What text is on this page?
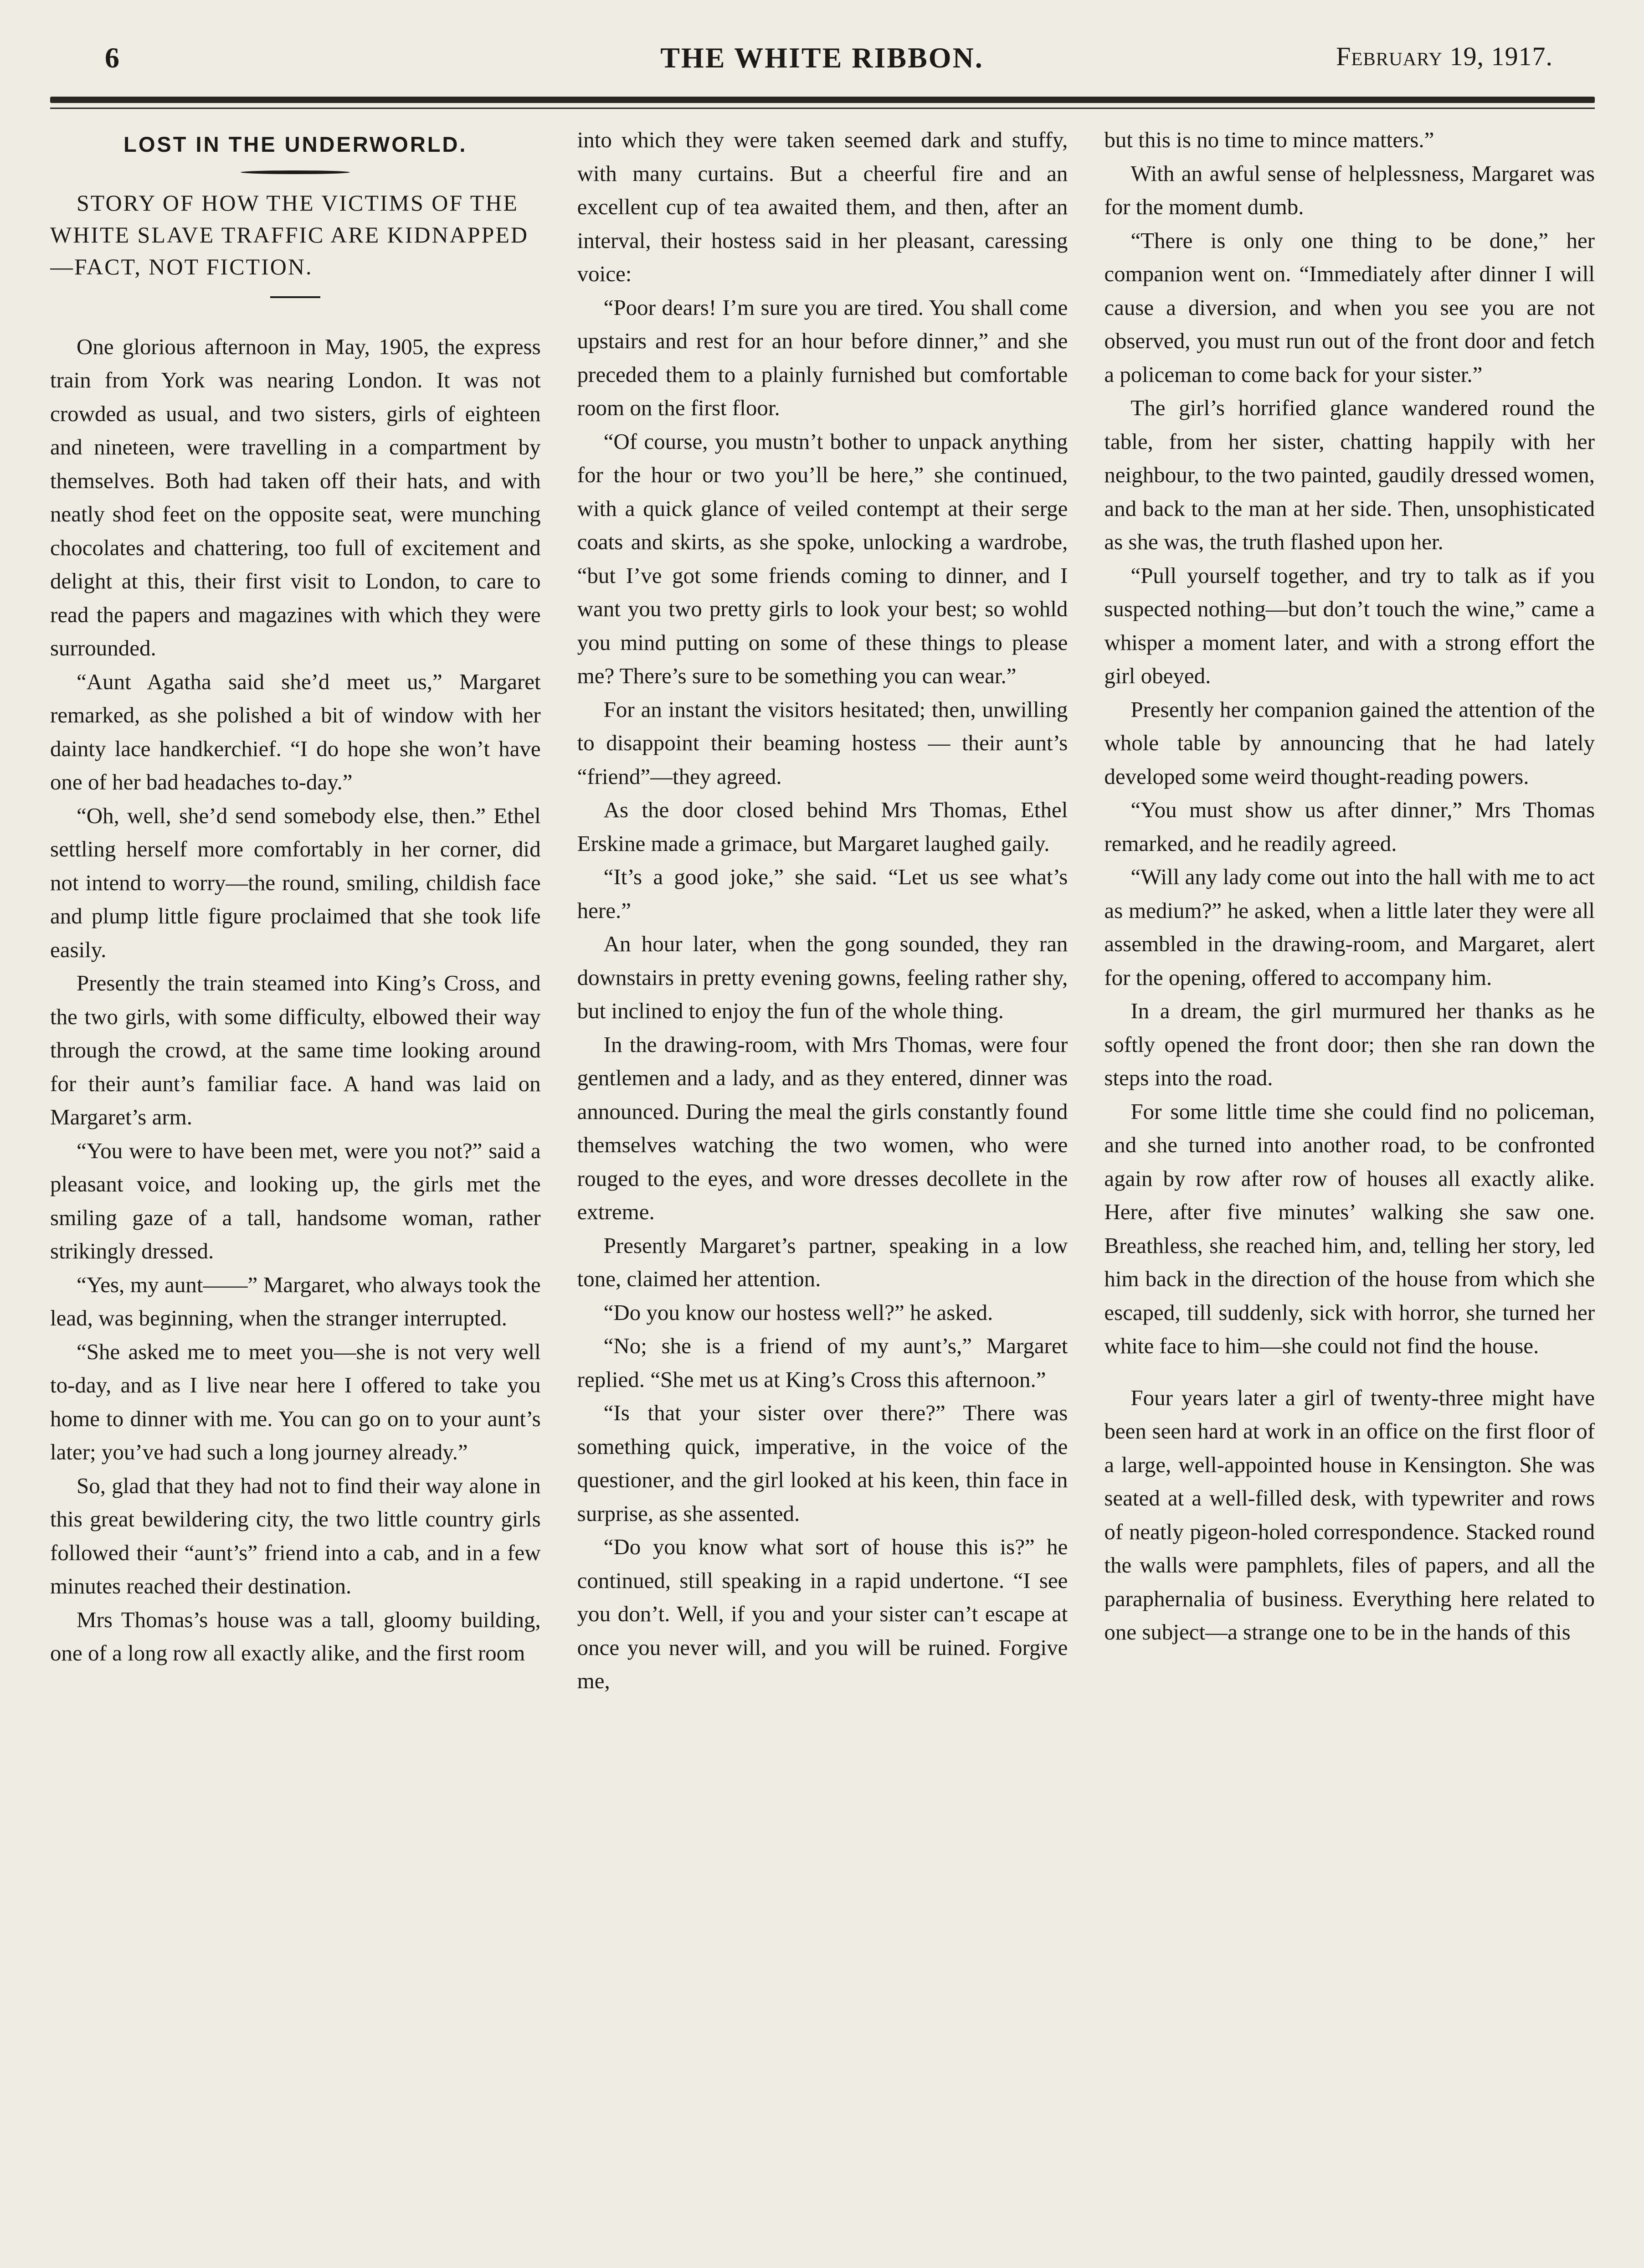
6	THE WHITE RIBBON.	February 19, 1917.
LOST IN THE UNDERWORLD.

STORY OF HOW THE VICTIMS OF THE WHITE SLAVE TRAFFIC ARE KIDNAPPED—FACT, NOT FICTION.

One glorious afternoon in May, 1905, the express train from York was nearing London. It was not crowded as usual, and two sisters, girls of eighteen and nineteen, were travelling in a compartment by themselves. Both had taken off their hats, and with neatly shod feet on the opposite seat, were munching chocolates and chattering, too full of excitement and delight at this, their first visit to London, to care to read the papers and magazines with which they were surrounded.

“Aunt Agatha said she’d meet us,” Margaret remarked, as she polished a bit of window with her dainty lace handkerchief. “I do hope she won’t have one of her bad headaches to-day.”

“Oh, well, she’d send somebody else, then.” Ethel settling herself more comfortably in her corner, did not intend to worry—the round, smiling, childish face and plump little figure proclaimed that she took life easily.

Presently the train steamed into King’s Cross, and the two girls, with some difficulty, elbowed their way through the crowd, at the same time looking around for their aunt’s familiar face. A hand was laid on Margaret’s arm.

“You were to have been met, were you not?” said a pleasant voice, and looking up, the girls met the smiling gaze of a tall, handsome woman, rather strikingly dressed.

“Yes, my aunt——” Margaret, who always took the lead, was beginning, when the stranger interrupted.

“She asked me to meet you—she is not very well to-day, and as I live near here I offered to take you home to dinner with me. You can go on to your aunt’s later; you’ve had such a long journey already.”

So, glad that they had not to find their way alone in this great bewildering city, the two little country girls followed their “aunt’s” friend into a cab, and in a few minutes reached their destination.

Mrs Thomas’s house was a tall, gloomy building, one of a long row all exactly alike, and the first room

into which they were taken seemed dark and stuffy, with many curtains. But a cheerful fire and an excellent cup of tea awaited them, and then, after an interval, their hostess said in her pleasant, caressing voice:

“Poor dears! I’m sure you are tired. You shall come upstairs and rest for an hour before dinner,” and she preceded them to a plainly furnished but comfortable room on the first floor.

“Of course, you mustn’t bother to unpack anything for the hour or two you’ll be here,” she continued, with a quick glance of veiled contempt at their serge coats and skirts, as she spoke, unlocking a wardrobe, “but I’ve got some friends coming to dinner, and I want you two pretty girls to look your best; so wohld you mind putting on some of these things to please me? There’s sure to be something you can wear.”

For an instant the visitors hesitated; then, unwilling to disappoint their beaming hostess — their aunt’s “friend”—they agreed.

As the door closed behind Mrs Thomas, Ethel Erskine made a grimace, but Margaret laughed gaily.

“It’s a good joke,” she said. “Let us see what’s here.”

An hour later, when the gong sounded, they ran downstairs in pretty evening gowns, feeling rather shy, but inclined to enjoy the fun of the whole thing.

In the drawing-room, with Mrs Thomas, were four gentlemen and a lady, and as they entered, dinner was announced. During the meal the girls constantly found themselves watching the two women, who were rouged to the eyes, and wore dresses decollete in the extreme.

Presently Margaret’s partner, speaking in a low tone, claimed her attention.

“Do you know our hostess well?” he asked.

“No; she is a friend of my aunt’s,” Margaret replied. “She met us at King’s Cross this afternoon.”

“Is that your sister over there?” There was something quick, imperative, in the voice of the questioner, and the girl looked at his keen, thin face in surprise, as she assented.

“Do you know what sort of house this is?” he continued, still speaking in a rapid undertone. “I see you don’t. Well, if you and your sister can’t escape at once you never will, and you will be ruined. Forgive me,

but this is no time to mince matters.”

With an awful sense of helplessness, Margaret was for the moment dumb.

“There is only one thing to be done,” her companion went on. “Immediately after dinner I will cause a diversion, and when you see you are not observed, you must run out of the front door and fetch a policeman to come back for your sister.”

The girl’s horrified glance wandered round the table, from her sister, chatting happily with her neighbour, to the two painted, gaudily dressed women, and back to the man at her side. Then, unsophisticated as she was, the truth flashed upon her.

“Pull yourself together, and try to talk as if you suspected nothing—but don’t touch the wine,” came a whisper a moment later, and with a strong effort the girl obeyed.

Presently her companion gained the attention of the whole table by announcing that he had lately developed some weird thought-reading powers.

“You must show us after dinner,” Mrs Thomas remarked, and he readily agreed.

“Will any lady come out into the hall with me to act as medium?” he asked, when a little later they were all assembled in the drawing-room, and Margaret, alert for the opening, offered to accompany him.

In a dream, the girl murmured her thanks as he softly opened the front door; then she ran down the steps into the road.

For some little time she could find no policeman, and she turned into another road, to be confronted again by row after row of houses all exactly alike. Here, after five minutes’ walking she saw one. Breathless, she reached him, and, telling her story, led him back in the direction of the house from which she escaped, till suddenly, sick with horror, she turned her white face to him—she could not find the house.

Four years later a girl of twenty-three might have been seen hard at work in an office on the first floor of a large, well-appointed house in Kensington. She was seated at a well-filled desk, with typewriter and rows of neatly pigeon-holed correspondence. Stacked round the walls were pamphlets, files of papers, and all the paraphernalia of business. Everything here related to one subject—a strange one to be in the hands of this
